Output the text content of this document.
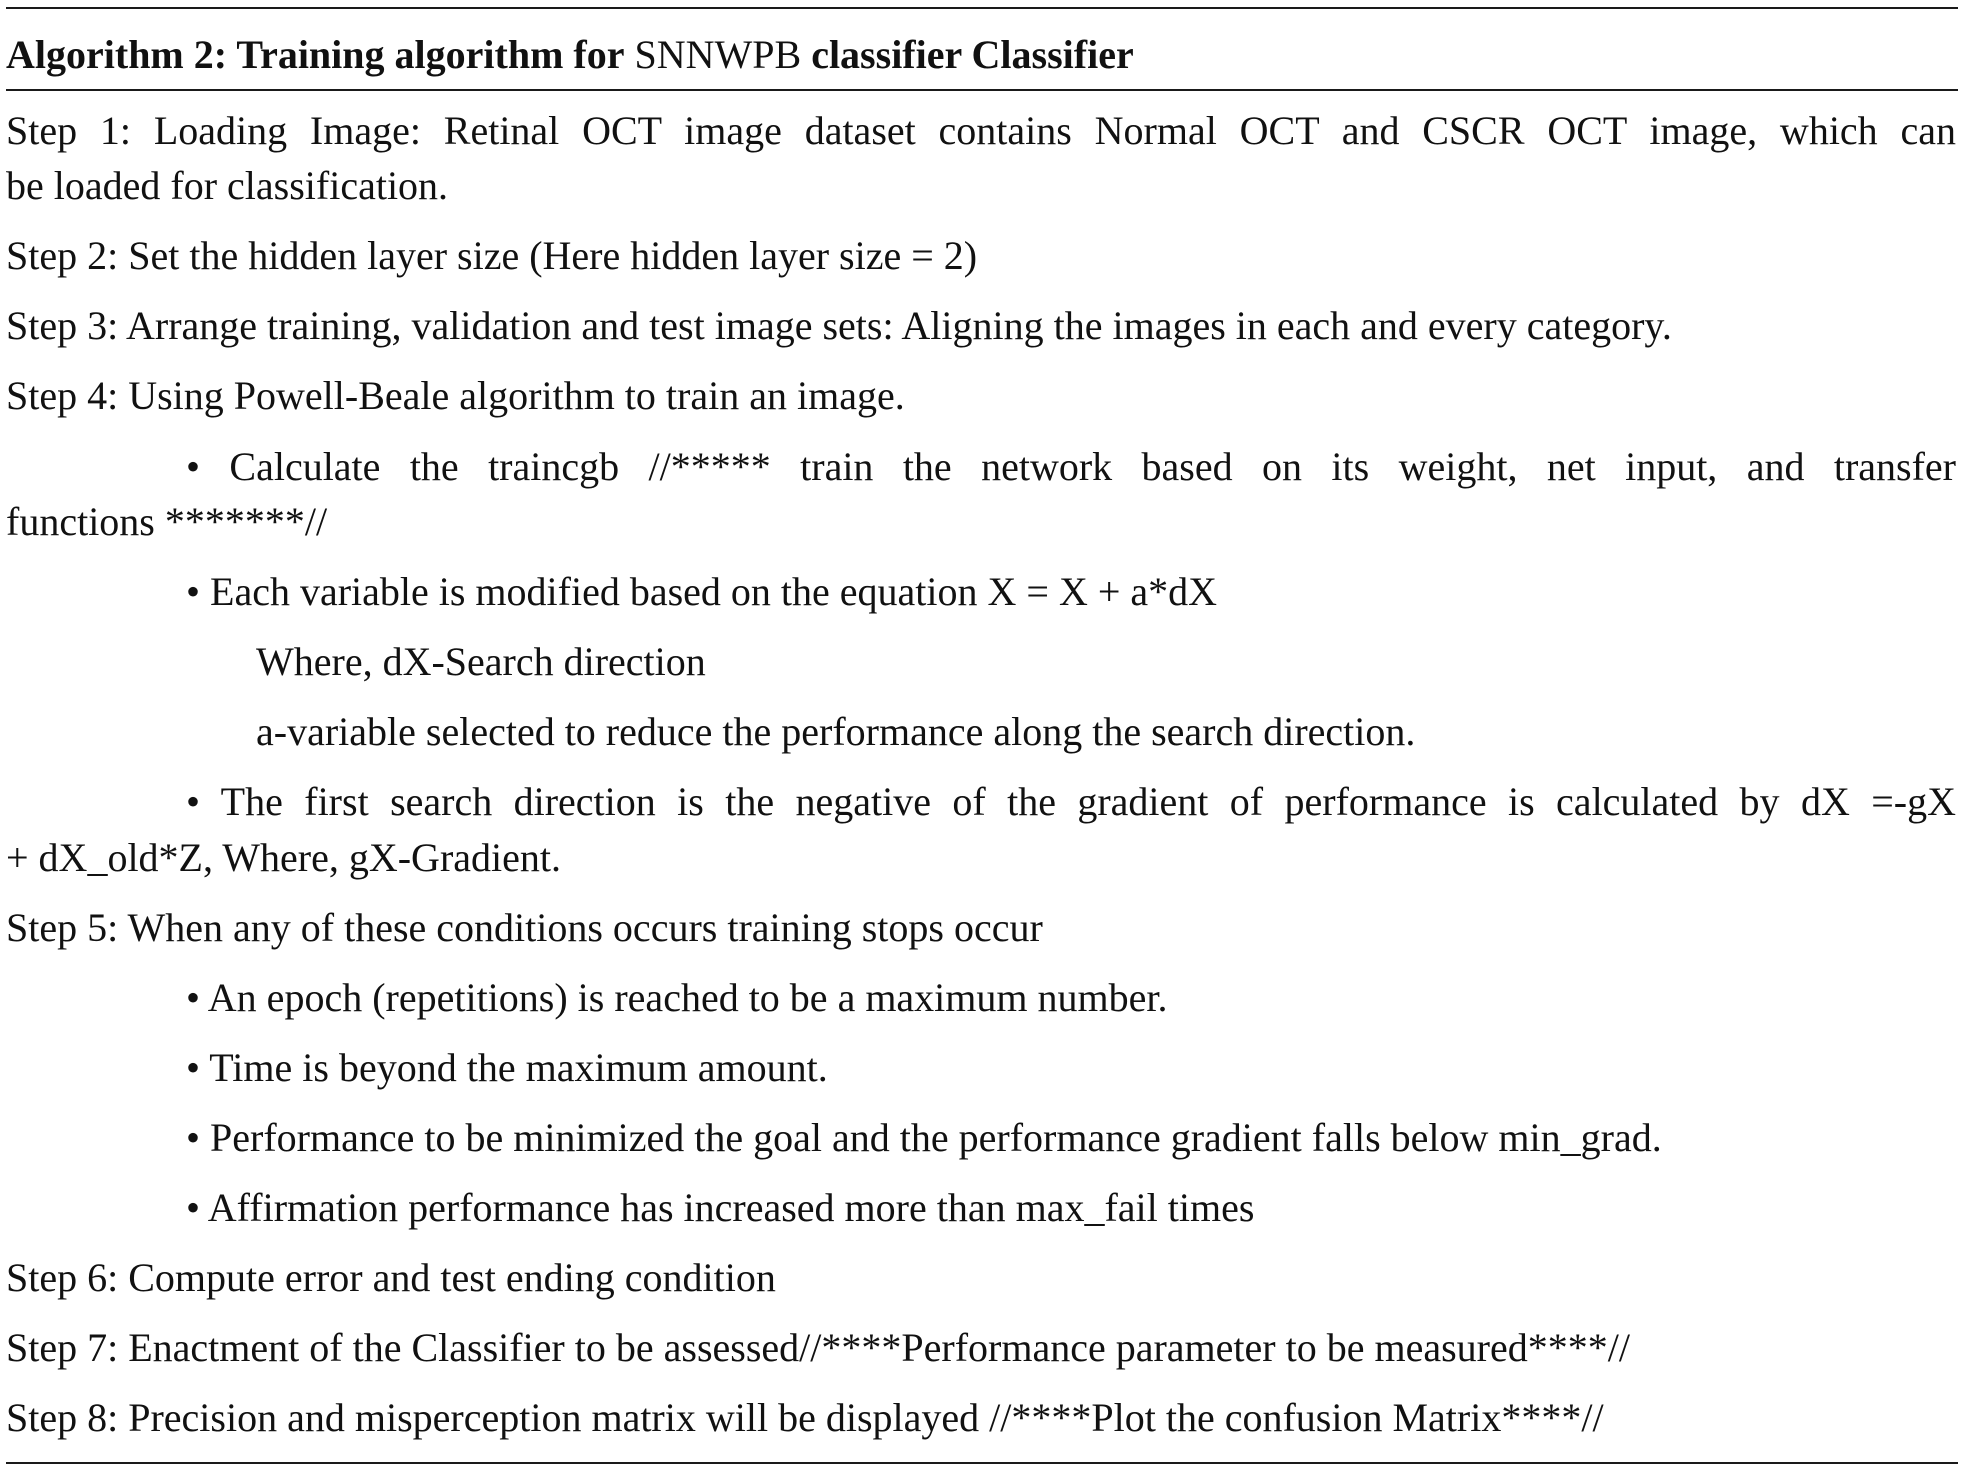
Algorithm 2: Training algorithm for SNNWPB classifier Classifier
Step 1: Loading Image: Retinal OCT image dataset contains Normal OCT and CSCR OCT image, which can
be loaded for classification.
Step 2: Set the hidden layer size (Here hidden layer size = 2)
Step 3: Arrange training, validation and test image sets: Aligning the images in each and every category.
Step 4: Using Powell-Beale algorithm to train an image.
• Calculate the traincgb //***** train the network based on its weight, net input, and transfer
functions *******//
• Each variable is modified based on the equation X = X + a*dX
Where, dX-Search direction
a-variable selected to reduce the performance along the search direction.
• The first search direction is the negative of the gradient of performance is calculated by dX =-gX
+ dX_old*Z, Where, gX-Gradient.
Step 5: When any of these conditions occurs training stops occur
• An epoch (repetitions) is reached to be a maximum number.
• Time is beyond the maximum amount.
• Performance to be minimized the goal and the performance gradient falls below min_grad.
• Affirmation performance has increased more than max_fail times
Step 6: Compute error and test ending condition
Step 7: Enactment of the Classifier to be assessed//****Performance parameter to be measured****//
Step 8: Precision and misperception matrix will be displayed //****Plot the confusion Matrix****//
